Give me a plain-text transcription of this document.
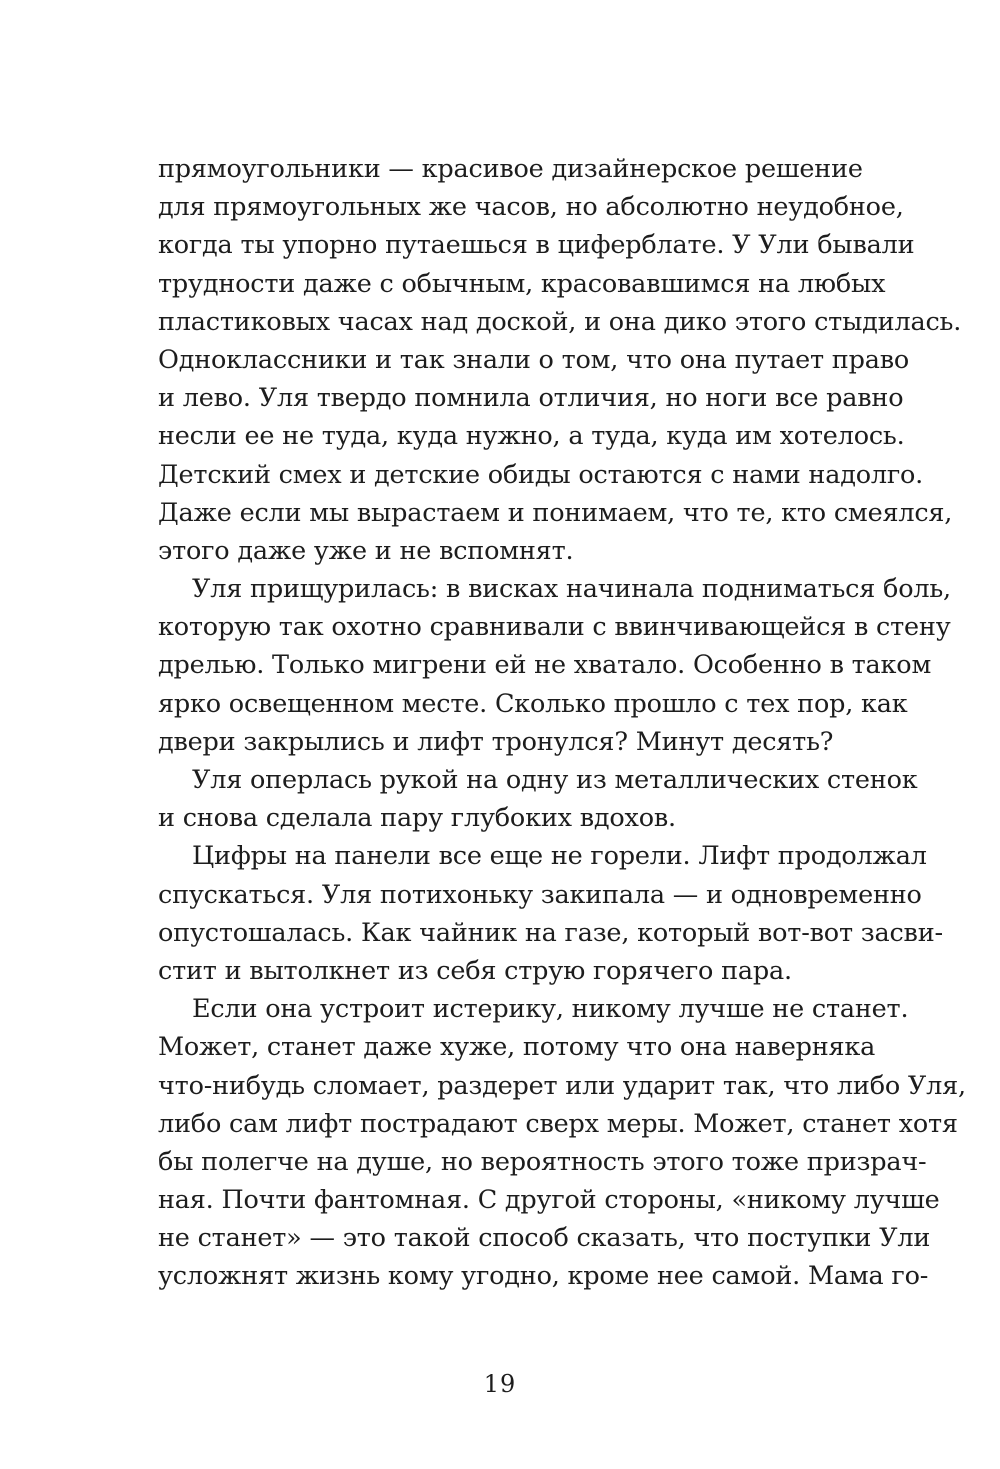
прямоугольники — красивое дизайнерское решение
для прямоугольных же часов, но абсолютно неудобное,
когда ты упорно путаешься в циферблате. У Ули бывали
трудности даже с обычным, красовавшимся на любых
пластиковых часах над доской, и она дико этого стыдилась.
Одноклассники и так знали о том, что она путает право
и лево. Уля твердо помнила отличия, но ноги все равно
несли ее не туда, куда нужно, а туда, куда им хотелось.
Детский смех и детские обиды остаются с нами надолго.
Даже если мы вырастаем и понимаем, что те, кто смеялся,
этого даже уже и не вспомнят.
Уля прищурилась: в висках начинала подниматься боль,
которую так охотно сравнивали с ввинчивающейся в стену
дрелью. Только мигрени ей не хватало. Особенно в таком
ярко освещенном месте. Сколько прошло с тех пор, как
двери закрылись и лифт тронулся? Минут десять?
Уля оперлась рукой на одну из металлических стенок
и снова сделала пару глубоких вдохов.
Цифры на панели все еще не горели. Лифт продолжал
спускаться. Уля потихоньку закипала — и одновременно
опустошалась. Как чайник на газе, который вот-вот засви-
стит и вытолкнет из себя струю горячего пара.
Если она устроит истерику, никому лучше не станет.
Может, станет даже хуже, потому что она наверняка
что-нибудь сломает, раздерет или ударит так, что либо Уля,
либо сам лифт пострадают сверх меры. Может, станет хотя
бы полегче на душе, но вероятность этого тоже призрач-
ная. Почти фантомная. С другой стороны, «никому лучше
не станет» — это такой способ сказать, что поступки Ули
усложнят жизнь кому угодно, кроме нее самой. Мама го-
19
